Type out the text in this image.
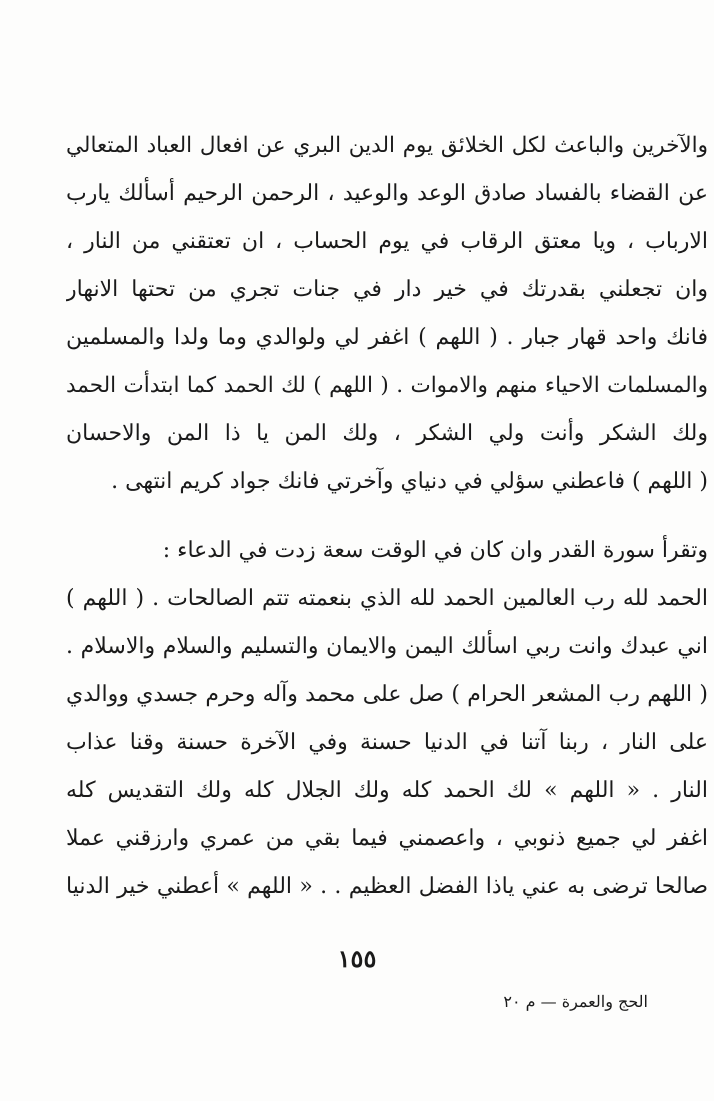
والآخرين والباعث لكل الخلائق يوم الدين البري عن افعال العباد المتعالي
عن القضاء بالفساد صادق الوعد والوعيد ، الرحمن الرحيم أسألك يارب
الارباب ، ويا معتق الرقاب في يوم الحساب ، ان تعتقني من النار ،
وان تجعلني بقدرتك في خير دار في جنات تجري من تحتها الانهار
فانك واحد قهار جبار . ( اللهم ) اغفر لي ولوالدي وما ولدا والمسلمين
والمسلمات الاحياء منهم والاموات . ( اللهم ) لك الحمد كما ابتدأت الحمد
ولك الشكر وأنت ولي الشكر ، ولك المن يا ذا المن والاحسان
( اللهم ) فاعطني سؤلي في دنياي وآخرتي فانك جواد كريم انتهى .
وتقرأ سورة القدر وان كان في الوقت سعة زدت في الدعاء :
الحمد لله رب العالمين الحمد لله الذي بنعمته تتم الصالحات . ( اللهم )
اني عبدك وانت ربي اسألك اليمن والايمان والتسليم والسلام والاسلام .
( اللهم رب المشعر الحرام ) صل على محمد وآله وحرم جسدي ووالدي
على النار ، ربنا آتنا في الدنيا حسنة وفي الآخرة حسنة وقنا عذاب
النار . « اللهم » لك الحمد كله ولك الجلال كله ولك التقديس كله
اغفر لي جميع ذنوبي ، واعصمني فيما بقي من عمري وارزقني عملا
صالحا ترضى به عني ياذا الفضل العظيم . . « اللهم » أعطني خير الدنيا
١٥٥
الحج والعمرة — م ٢٠
